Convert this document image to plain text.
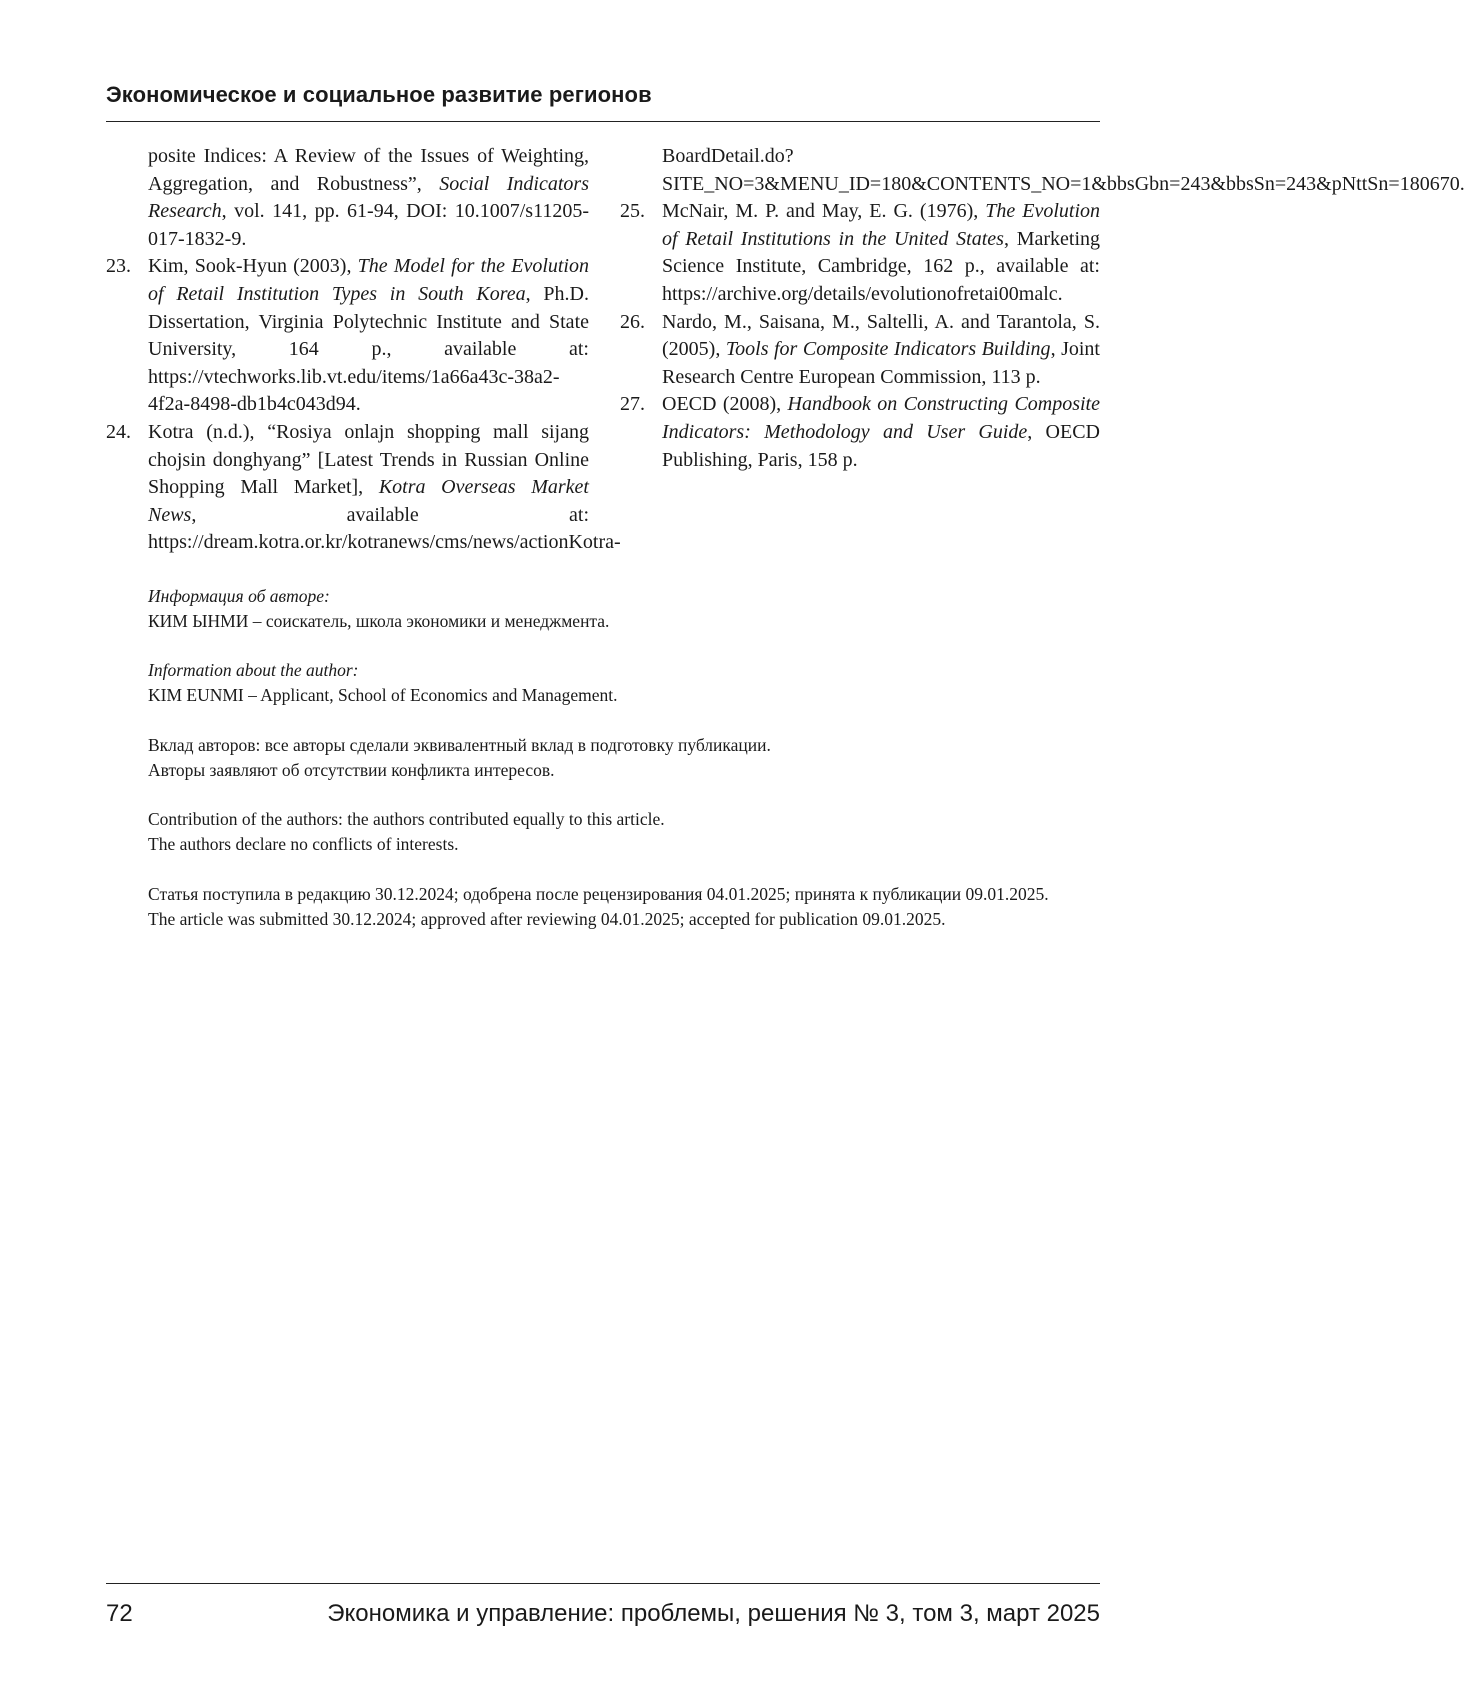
Экономическое и социальное развитие регионов

posite Indices: A Review of the Issues of Weighting, Aggregation, and Robustness”, Social Indicators Research, vol. 141, pp. 61-94, DOI: 10.1007/s11205-017-1832-9.

23. Kim, Sook-Hyun (2003), The Model for the Evolution of Retail Institution Types in South Korea, Ph.D. Dissertation, Virginia Polytechnic Institute and State University, 164 p., available at: https://vtechworks.lib.vt.edu/items/1a66a43c-38a2-4f2a-8498-db1b4c043d94.

24. Kotra (n.d.), “Rosiya onlajn shopping mall sijang chojsin donghyang” [Latest Trends in Russian Online Shopping Mall Market], Kotra Overseas Market News, available at: https://dream.kotra.or.kr/kotranews/cms/news/actionKotra-

BoardDetail.do?SITE_NO=3&MENU_ID=180&CONTENTS_NO=1&bbsGbn=243&bbsSn=243&pNttSn=180670.

25. McNair, M. P. and May, E. G. (1976), The Evolution of Retail Institutions in the United States, Marketing Science Institute, Cambridge, 162 p., available at: https://archive.org/details/evolutionofretai00malc.

26. Nardo, M., Saisana, M., Saltelli, A. and Tarantola, S. (2005), Tools for Composite Indicators Building, Joint Research Centre European Commission, 113 p.

27. OECD (2008), Handbook on Constructing Composite Indicators: Methodology and User Guide, OECD Publishing, Paris, 158 p.

Информация об авторе:

КИМ ЫНМИ – соискатель, школа экономики и менеджмента.

Information about the author:

KIM EUNMI – Applicant, School of Economics and Management.

Вклад авторов: все авторы сделали эквивалентный вклад в подготовку публикации.

Авторы заявляют об отсутствии конфликта интересов.

Contribution of the authors: the authors contributed equally to this article.

The authors declare no conflicts of interests.

Статья поступила в редакцию 30.12.2024; одобрена после рецензирования 04.01.2025; принята к публикации 09.01.2025.

The article was submitted 30.12.2024; approved after reviewing 04.01.2025; accepted for publication 09.01.2025.

72	Экономика и управление: проблемы, решения № 3, том 3, март 2025
